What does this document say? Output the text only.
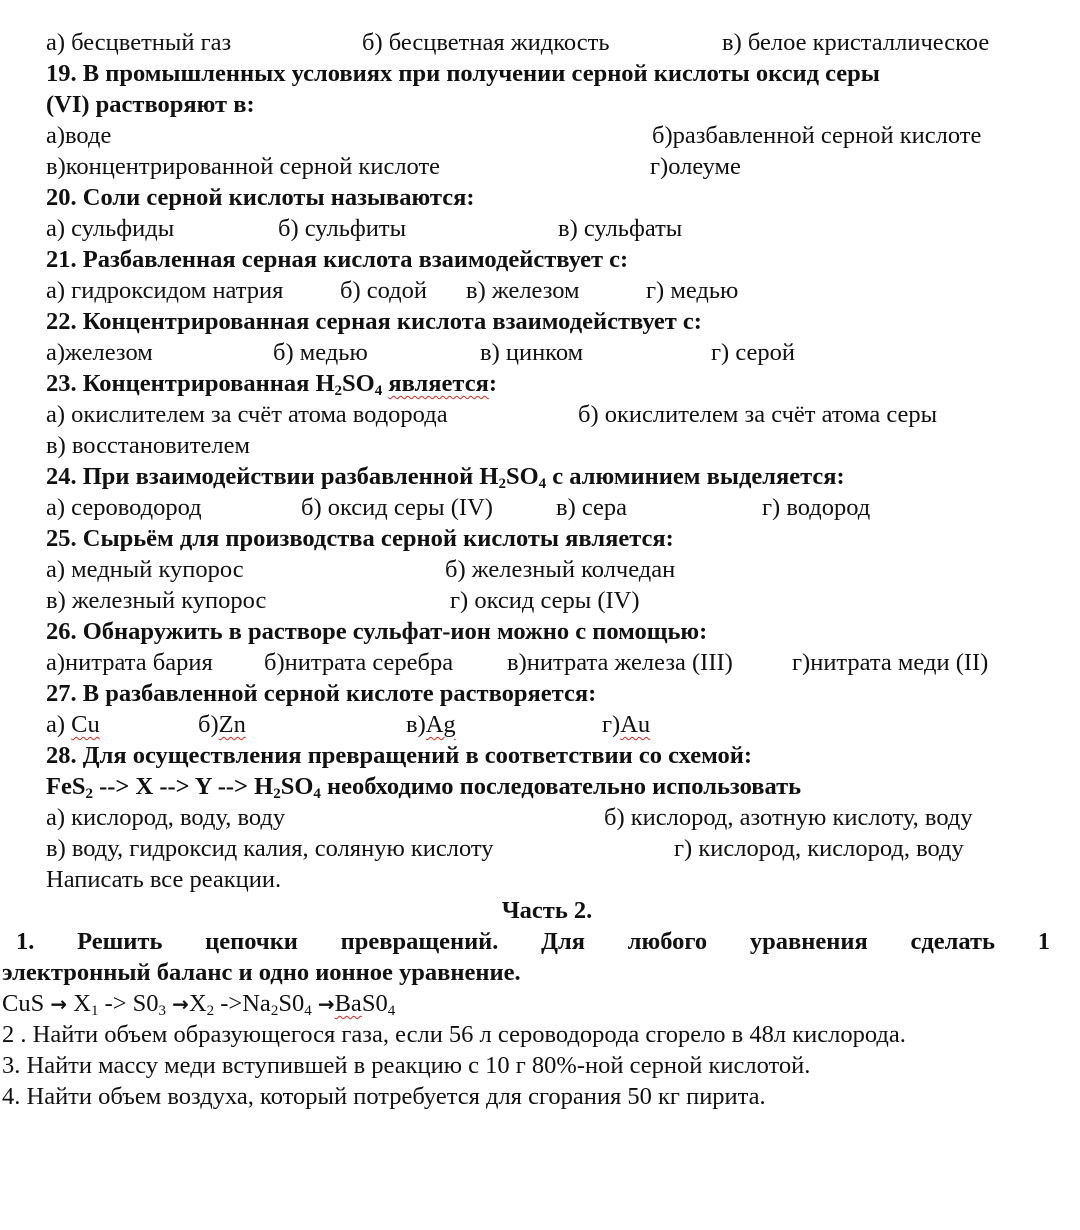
а) бесцветный газ	б) бесцветная жидкость	в) белое кристаллическое
19. В промышленных условиях при получении серной кислоты оксид серы
(VI) растворяют в:
а)воде	б)разбавленной серной кислоте
в)концентрированной серной кислоте	г)олеуме
20. Соли серной кислоты называются:
а) сульфиды	б) сульфиты	в) сульфаты
21. Разбавленная серная кислота взаимодействует с:
а) гидроксидом натрия б) содой в) железом	г) медью
22. Концентрированная серная кислота взаимодействует с:
а)железом	б) медью	в) цинком	г) серой
23. Концентрированная $H_2SO_4$ является:
а) окислителем за счёт атома водорода	б) окислителем за счёт атома серы
в) восстановителем
24. При взаимодействии разбавленной $H_2SO_4$ с алюминием выделяется:
а) сероводород	б) оксид серы (IV)	в) сера	г) водород
25. Сырьём для производства серной кислоты является:
а) медный купорос	б) железный колчедан
в) железный купорос	г) оксид серы (IV)
26. Обнаружить в растворе сульфат-ион можно с помощью:
а)нитрата бария б)нитрата серебра в)нитрата железа (III) г)нитрата меди (II)
27. В разбавленной серной кислоте растворяется:
а) Cu	б)Zn	в)Ag	г)Au
28. Для осуществления превращений в соответствии со схемой:
FeS$_2$ --> X --> Y --> $H_2SO_4$ необходимо последовательно использовать
а) кислород, воду, воду	б) кислород, азотную кислоту, воду
в) воду, гидроксид калия, соляную кислоту	г) кислород, кислород, воду
Написать все реакции.
Часть 2.
1. Решить цепочки превращений. Для любого уравнения сделать 1
электронный баланс и одно ионное уравнение.
CuS → $X_1 -> S0_3 \to X_2$ $->Na_2S0_4 \to BaS0_4$
2 . Найти объем образующегося газа, если 56 л сероводорода сгорело в 48л кислорода.
3. Найти массу меди вступившей в реакцию с 10 г 80%-ной серной кислотой.
4. Найти объем воздуха, который потребуется для сгорания 50 кг пирита.
